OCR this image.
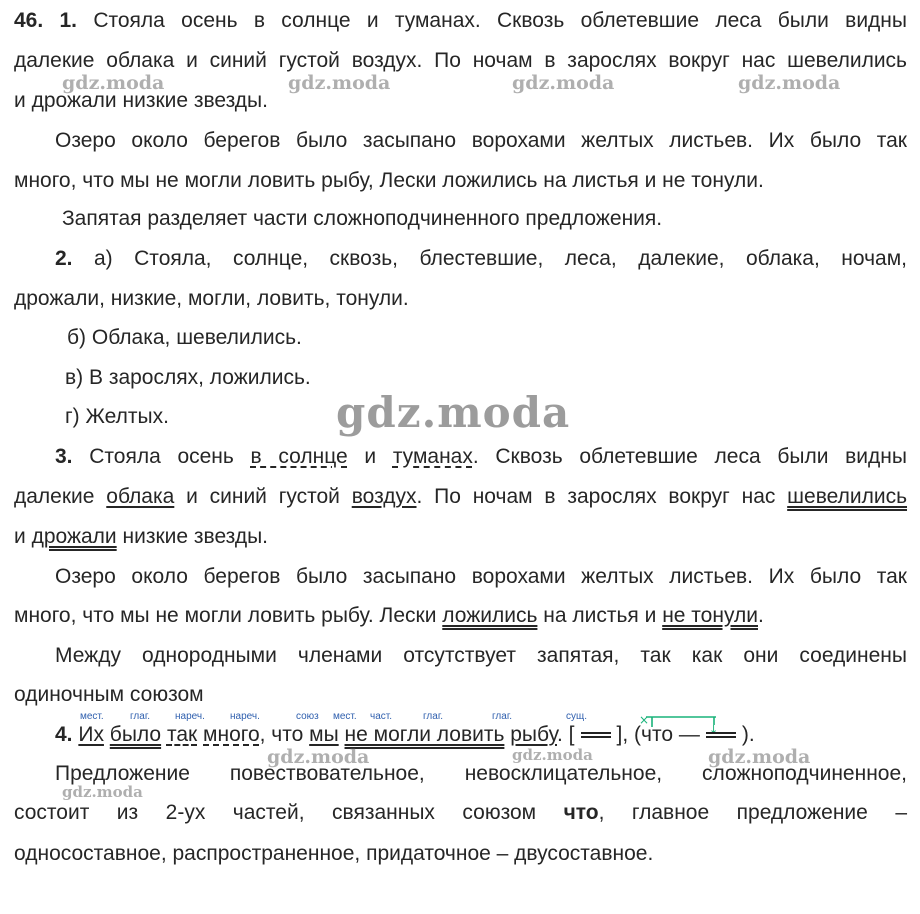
46. 1. Стояла осень в солнце и туманах. Сквозь облетевшие леса были видны
далекие облака и синий густой воздух. По ночам в зарослях вокруг нас шевелились
и дрожали низкие звезды.
Озеро около берегов было засыпано ворохами желтых листьев. Их было так
много, что мы не могли ловить рыбу, Лески ложились на листья и не тонули.
Запятая разделяет части сложноподчиненного предложения.
2. а) Стояла, солнце, сквозь, блестевшие, леса, далекие, облака, ночам,
дрожали, низкие, могли, ловить, тонули.
б) Облака, шевелились.
в) В зарослях, ложились.
г) Желтых.
3. Стояла осень в солнце и туманах. Сквозь облетевшие леса были видны
далекие облака и синий густой воздух. По ночам в зарослях вокруг нас шевелились
и дрожали низкие звезды.
Озеро около берегов было засыпано ворохами желтых листьев. Их было так
много, что мы не могли ловить рыбу. Лески ложились на листья и не тонули.
Между однородными членами отсутствует запятая, так как они соединены
одиночным союзом
мест.	глаг. нареч.	нареч.	союз мест. част.	глаг.	глаг.	сущ.	×
↓
4. Их было так много, что мы не могли ловить рыбу. [ ], (что — ).
Предложение повествовательное, невосклицательное, сложноподчиненное,
состоит из 2-ух частей, связанных союзом что, главное предложение –
односоставное, распространенное, придаточное – двусоставное.
gdz.moda	gdz.moda	gdz.moda	gdz.moda
gdz.moda
gdz.moda	gdz.moda	gdz.moda
gdz.moda
